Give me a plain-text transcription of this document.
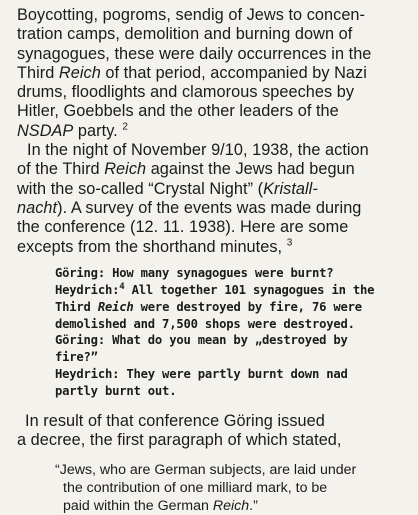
Boycotting, pogroms, sendig of Jews to concen-
tration camps, demolition and burning down of
synagogues, these were daily occurrences in the
Third Reich of that period, accompanied by Nazi
drums, floodlights and clamorous speeches by
Hitler, Goebbels and the other leaders of the
NSDAP party. $^2$
In the night of November 9/10, 1938, the action
of the Third Reich against the Jews had begun
with the so-called “Crystal Night” (Kristall-
nacht). A survey of the events was made during
the conference (12. 11. 1938). Here are some
excepts from the shorthand minutes, $^3$
Göring: How many synagogues were burnt?
Heydrich:$^4$ All together 101 synagogues in the
Third Reich were destroyed by fire, 76 were
demolished and 7,500 shops were destroyed.
Göring: What do you mean by „destroyed by
fire?”
Heydrich: They were partly burnt down nad
partly burnt out.
In result of that conference Göring issued
a decree, the first paragraph of which stated,
“Jews, who are German subjects, are laid under
the contribution of one milliard mark, to be
paid within the German Reich.”
